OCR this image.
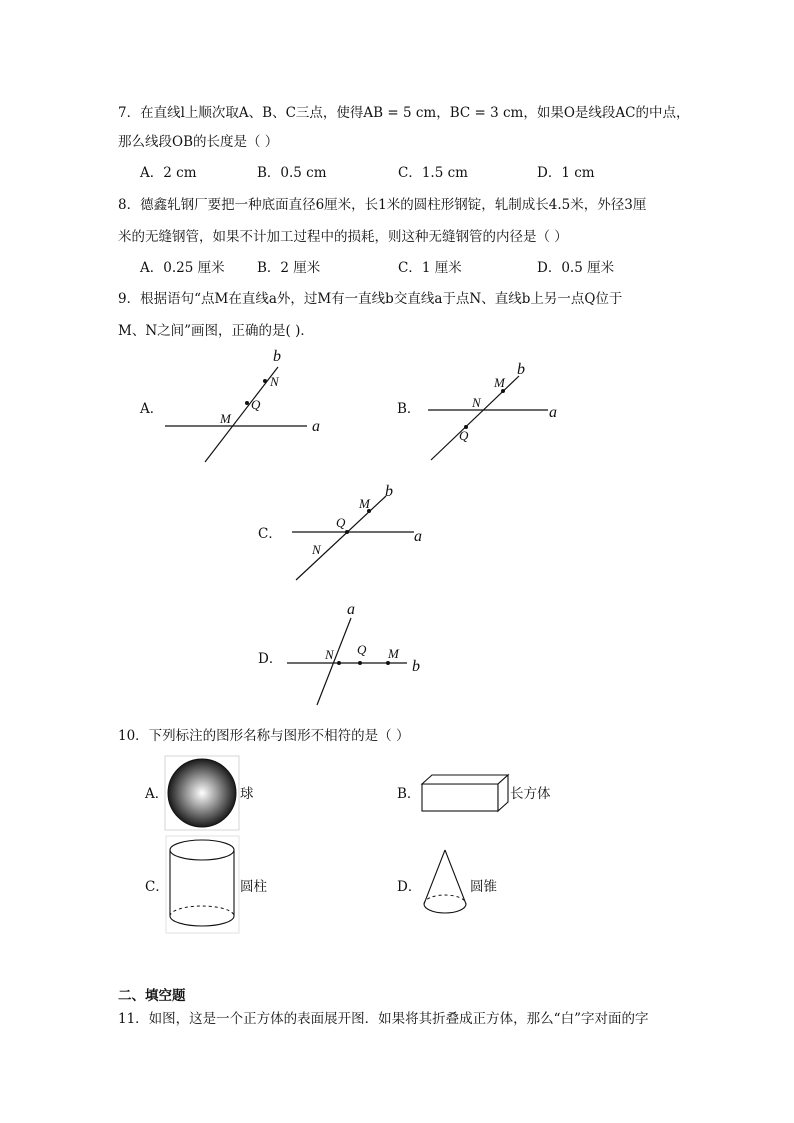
7．在直线l上顺次取A、B、C三点，使得AB = 5 cm，BC = 3 cm，如果O是线段AC的中点，
那么线段OB的长度是（ ）
A．2 cm	B．0.5 cm	C．1.5 cm	D．1 cm
8．德鑫轧钢厂要把一种底面直径6厘米，长1米的圆柱形钢锭，轧制成长4.5米，外径3厘
米的无缝钢管，如果不计加工过程中的损耗，则这种无缝钢管的内径是（ ）
A．0.25 厘米 B．2 厘米	C．1 厘米	D．0.5 厘米
9．根据语句“点M在直线a外，过M有一直线b交直线a于点N、直线b上另一点Q位于
M、N之间”画图，正确的是( )．
A．
b
N
Q
M	a
B．
b
M
N
a
Q
C．
b
M
Q
a
N
D．
a
N Q M
b
10．下列标注的图形名称与图形不相符的是（ ）
A．	球	B．	长方体
C．	圆柱	D．	圆锥
二、填空题
11．如图，这是一个正方体的表面展开图．如果将其折叠成正方体，那么“白”字对面的字
